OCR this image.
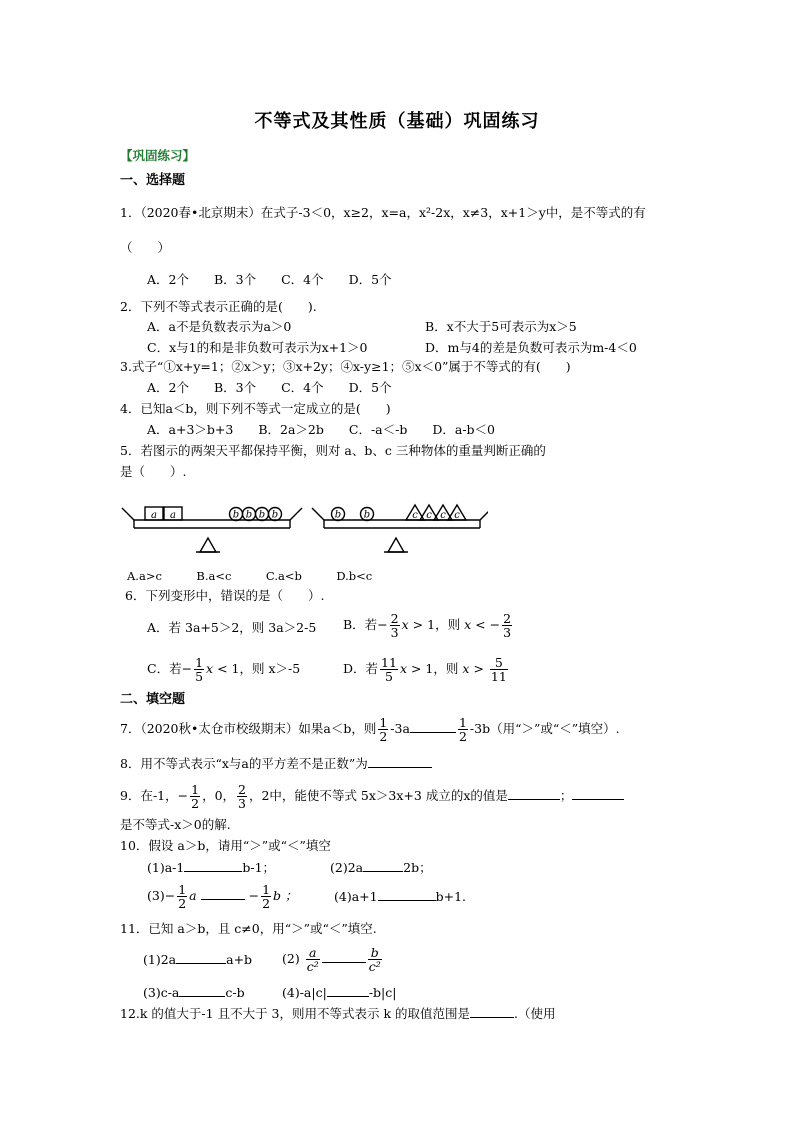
不等式及其性质（基础）巩固练习
【巩固练习】
一、选择题
1．（2020春•北京期末）在式子-3＜0，x≥2，x=a，x²-2x，x≠3，x+1＞y中，是不等式的有
（　　）
A．2个　　B．3个　　C．4个　　D．5个
2．下列不等式表示正确的是(　　).
A．a不是负数表示为a＞0	B．x不大于5可表示为x＞5
C．x与1的和是非负数可表示为x+1＞0	D．m与4的差是负数可表示为m-4＜0
3.式子“①x+y=1；②x＞y；③x+2y；④x-y≥1；⑤x＜0”属于不等式的有(　　)
A．2个　　B．3个　　C．4个　　D．5个
4．已知a＜b，则下列不等式一定成立的是(　　)
A．a+3＞b+3　　B．2a＞2b　　C．-a＜-b　　D．a-b＜0
5．若图示的两架天平都保持平衡，则对 a、b、c 三种物体的重量判断正确的
是（　　）.
a a	b b b b	b b	c c c c
A.a>c　　　B.a<c　　　C.a<b　　　D.b<c
6．下列变形中，错误的是（　　）.
A．若 3a+5＞2，则 3a＞2-5 B．若− $\frac{2}{3}$ x > 1，则 x < − $\frac{2}{3}$
C．若− $\frac{1}{5}$ x < 1，则 x＞-5	D．若 $\frac{11}{5}$ x > 1，则 $x > \frac{5}{11}$
二、填空题
7．（2020秋•太仓市校级期末）如果a＜b，则 $\frac{1}{2} -3a$	$\frac{1}{2} -3b$（用“＞”或“＜”填空）.
8．用不等式表示“x与a的平方差不是正数”为
9．在-1，− $\frac{1}{2}$ ，0， $\frac{2}{3}$ ，2中，能使不等式 5x＞3x+3 成立的x的值是	；
是不等式-x＞0的解.
10．假设 a＞b，请用“＞”或“＜”填空
(1)a-1	b-1；	(2)2a	2b；
$(3)- \frac{1}{2}$ a	− $\frac{1}{2}$ b ；	(4)a+1	b+1.
11．已知 a＞b，且 c≠0，用“＞”或“＜”填空.
(1)2a	a+b $(2) \frac{a}{\text{c²}}$	$\frac{b}{\text{c²}}$
(3)c-a	c-b	(4)-a|c|	-b|c|
12.k 的值大于-1 且不大于 3，则用不等式表示 k 的取值范围是	.（使用
